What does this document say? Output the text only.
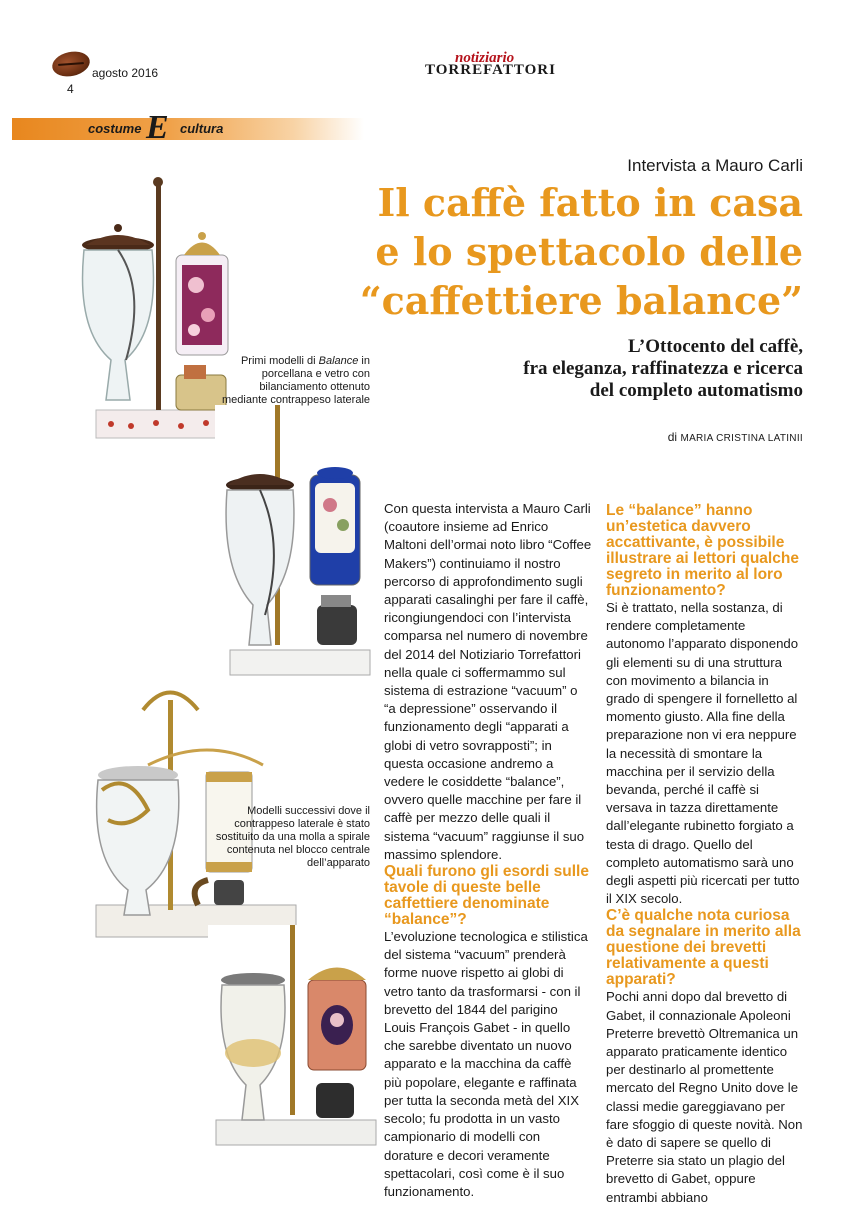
agosto 2016
4
notiziario
TORREFATTORI
costume E cultura
Intervista a Mauro Carli
Il caffè fatto in casa
e lo spettacolo delle
“caffettiere balance”
L’Ottocento del caffè,
fra eleganza, raffinatezza e ricerca
del completo automatismo
di MARIA CRISTINA LATINII
Primi modelli di Balance in porcellana e vetro con bilanciamento ottenuto mediante contrappeso laterale
Modelli successivi dove il contrappeso laterale è stato sostituito da una molla a spirale contenuta nel blocco centrale dell’apparato

Con questa intervista a Mauro Carli (coautore insieme ad Enrico Maltoni dell’ormai noto libro “Coffee Makers”) continuiamo il nostro percorso di approfondimento sugli apparati casalinghi per fare il caffè, ricongiungendoci con l’intervista comparsa nel numero di novembre del 2014 del Notiziario Torrefattori nella quale ci soffermammo sul sistema di estrazione “vacuum” o “a depressione” osservando il funzionamento degli “apparati a globi di vetro sovrapposti”; in questa occasione andremo a vedere le cosiddette “balance”, ovvero quelle macchine per fare il caffè per mezzo delle quali il sistema “vacuum” raggiunse il suo massimo splendore.

Quali furono gli esordi sulle tavole di queste belle caffettiere denominate “balance”?

L’evoluzione tecnologica e stilistica del sistema “vacuum” prenderà forme nuove rispetto ai globi di vetro tanto da trasformarsi - con il brevetto del 1844 del parigino Louis François Gabet - in quello che sarebbe diventato un nuovo apparato e la macchina da caffè più popolare, elegante e raffinata per tutta la seconda metà del XIX secolo; fu prodotta in un vasto campionario di modelli con dorature e decori veramente spettacolari, così come è il suo funzionamento.

Le “balance” hanno un’estetica davvero accattivante, è possibile illustrare ai lettori qualche segreto in merito al loro funzionamento?

Si è trattato, nella sostanza, di rendere completamente autonomo l’apparato disponendo gli elementi su di una struttura con movimento a bilancia in grado di spengere il fornelletto al momento giusto. Alla fine della preparazione non vi era neppure la necessità di smontare la macchina per il servizio della bevanda, perché il caffè si versava in tazza direttamente dall’elegante rubinetto forgiato a testa di drago. Quello del completo automatismo sarà uno degli aspetti più ricercati per tutto il XIX secolo.

C’è qualche nota curiosa da segnalare in merito alla questione dei brevetti relativamente a questi apparati?

Pochi anni dopo dal brevetto di Gabet, il connazionale Apoleoni Preterre brevettò Oltremanica un apparato praticamente identico per destinarlo al promettente mercato del Regno Unito dove le classi medie gareggiavano per fare sfoggio di queste novità. Non è dato di sapere se quello di Preterre sia stato un plagio del brevetto di Gabet, oppure entrambi abbiano
